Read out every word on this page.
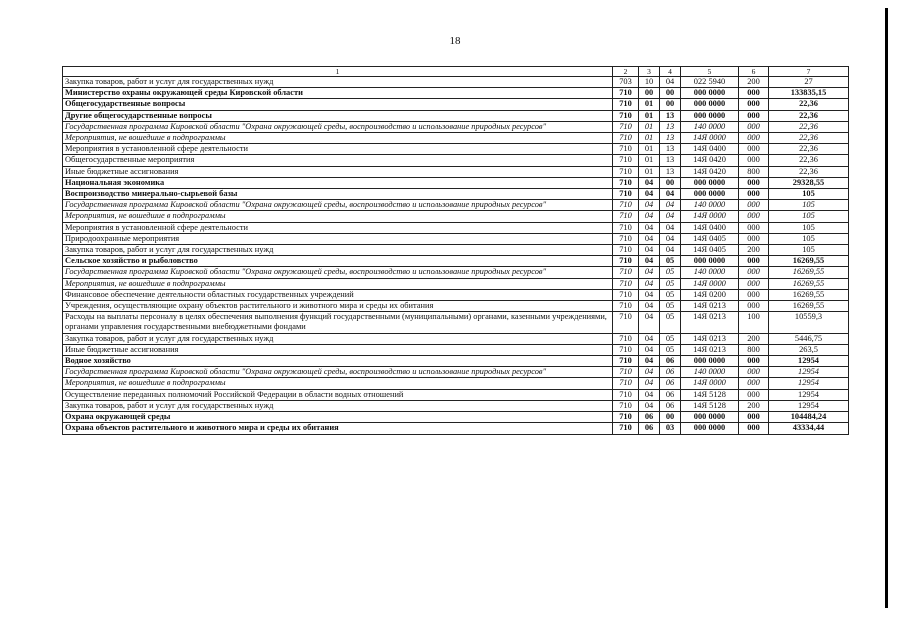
18
1	2	3	4	5	6	7
Закупка товаров, работ и услуг для государственных нужд	703	10	04	022 5940	200	27
Министерство охраны окружающей среды Кировской области	710	00	00	000 0000	000	133835,15
Общегосударственные вопросы	710	01	00	000 0000	000	22,36
Другие общегосударственные вопросы	710	01	13	000 0000	000	22,36
Государственная программа Кировской области "Охрана окружающей среды, воспроизводство и использование природных ресурсов"	710	01	13	140 0000	000	22,36
Мероприятия, не вошедшие в подпрограммы	710	01	13	14Я 0000	000	22,36
Мероприятия в установленной сфере деятельности	710	01	13	14Я 0400	000	22,36
Общегосударственные мероприятия	710	01	13	14Я 0420	000	22,36
Иные бюджетные ассигнования	710	01	13	14Я 0420	800	22,36
Национальная экономика	710	04	00	000 0000	000	29328,55
Воспроизводство минерально-сырьевой базы	710	04	04	000 0000	000	105
Государственная программа Кировской области "Охрана окружающей среды, воспроизводство и использование природных ресурсов"	710	04	04	140 0000	000	105
Мероприятия, не вошедшие в подпрограммы	710	04	04	14Я 0000	000	105
Мероприятия в установленной сфере деятельности	710	04	04	14Я 0400	000	105
Природоохранные мероприятия	710	04	04	14Я 0405	000	105
Закупка товаров, работ и услуг для государственных нужд	710	04	04	14Я 0405	200	105
Сельское хозяйство и рыболовство	710	04	05	000 0000	000	16269,55
Государственная программа Кировской области "Охрана окружающей среды, воспроизводство и использование природных ресурсов"	710	04	05	140 0000	000	16269,55
Мероприятия, не вошедшие в подпрограммы	710	04	05	14Я 0000	000	16269,55
Финансовое обеспечение деятельности областных государственных учреждений	710	04	05	14Я 0200	000	16269,55
Учреждения, осуществляющие охрану объектов растительного и животного мира и среды их обитания	710	04	05	14Я 0213	000	16269,55
Расходы на выплаты персоналу в целях обеспечения выполнения функций государственными (муниципальными) органами, казенными учреждениями, органами управления государственными внебюджетными фондами	710	04	05	14Я 0213	100	10559,3
Закупка товаров, работ и услуг для государственных нужд	710	04	05	14Я 0213	200	5446,75
Иные бюджетные ассигнования	710	04	05	14Я 0213	800	263,5
Водное хозяйство	710	04	06	000 0000	000	12954
Государственная программа Кировской области "Охрана окружающей среды, воспроизводство и использование природных ресурсов"	710	04	06	140 0000	000	12954
Мероприятия, не вошедшие в подпрограммы	710	04	06	14Я 0000	000	12954
Осуществление переданных полномочий Российской Федерации в области водных отношений	710	04	06	14Я 5128	000	12954
Закупка товаров, работ и услуг для государственных нужд	710	04	06	14Я 5128	200	12954
Охрана окружающей среды	710	06	00	000 0000	000	104484,24
Охрана объектов растительного и животного мира и среды их обитания	710	06	03	000 0000	000	43334,44
